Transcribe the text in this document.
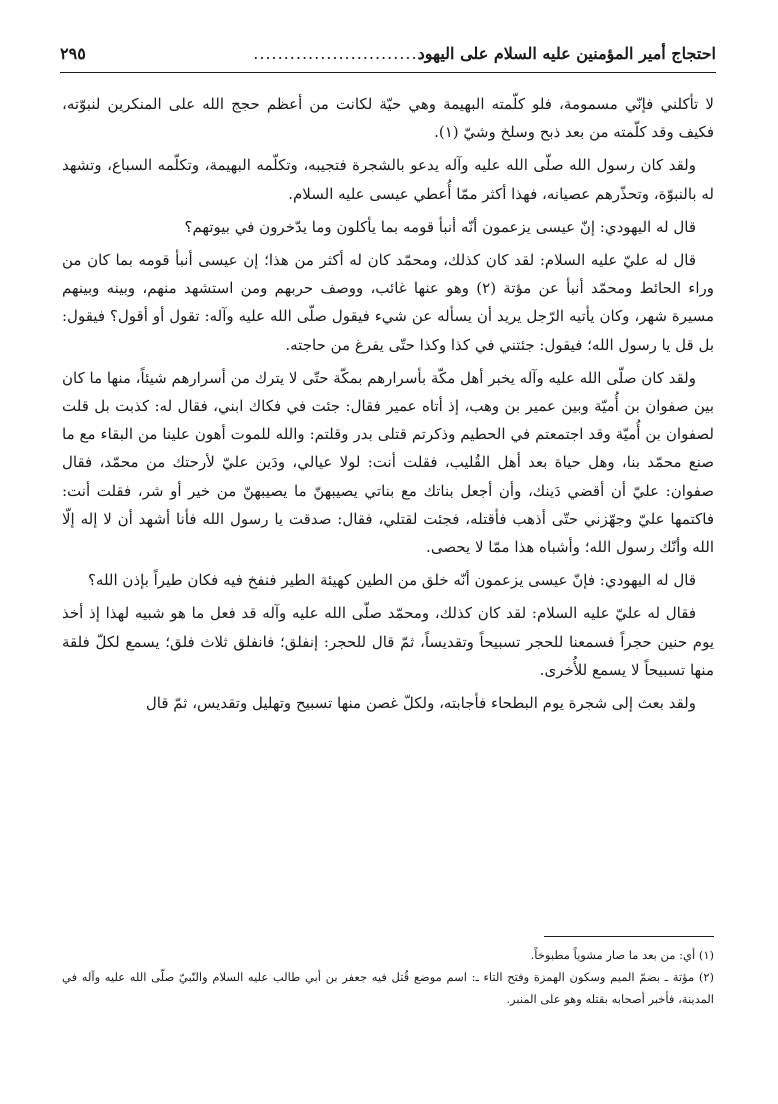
احتجاج أمير المؤمنين عليه السلام على اليهود
...........................
٢٩٥

لا تأكلني فإنّي مسمومة، فلو كلّمته البهيمة وهي حيّة لكانت من أعظم حجج الله على المنكرين لنبوّته، فكيف وقد كلّمته من بعد ذبح وسلخ وشيّ (١).

ولقد كان رسول الله صلّى الله عليه وآله يدعو بالشجرة فتجيبه، وتكلّمه البهيمة، وتكلّمه السباع، وتشهد له بالنبوّة، وتحذّرهم عصيانه، فهذا أكثر ممّا أُعطي عيسى عليه السلام.

قال له اليهودي: إنّ عيسى يزعمون أنّه أنبأ قومه بما يأكلون وما يدّخرون في بيوتهم؟

قال له عليّ عليه السلام: لقد كان كذلك، ومحمّد كان له أكثر من هذا؛ إن عيسى أنبأ قومه بما كان من وراء الحائط ومحمّد أنبأ عن مؤتة (٢) وهو عنها غائب، ووصف حربهم ومن استشهد منهم، وبينه وبينهم مسيرة شهر، وكان يأتيه الرّجل يريد أن يسأله عن شيء فيقول صلّى الله عليه وآله: تقول أو أقول؟ فيقول: بل قل يا رسول الله؛ فيقول: جئتني في كذا وكذا حتّى يفرغ من حاجته.

ولقد كان صلّى الله عليه وآله يخبر أهل مكّة بأسرارهم بمكّة حتّى لا يترك من أسرارهم شيئاً، منها ما كان بين صفوان بن أُميّة وبين عمير بن وهب، إذ أتاه عمير فقال: جئت في فكاك ابني، فقال له: كذبت بل قلت لصفوان بن أُميّة وقد اجتمعتم في الحطيم وذكرتم قتلى بدر وقلتم: والله للموت أهون علينا من البقاء مع ما صنع محمّد بنا، وهل حياة بعد أهل القُليب، فقلت أنت: لولا عيالي، ودَين عليّ لأرحتك من محمّد، فقال صفوان: عليّ أن أقضي دَينك، وأن أجعل بناتك مع بناتي يصيبهنّ ما يصيبهنّ من خير أو شر، فقلت أنت: فاكتمها عليّ وجهّزني حتّى أذهب فأقتله، فجئت لقتلي، فقال: صدقت يا رسول الله فأنا أشهد أن لا إله إلّا الله وأنّك رسول الله؛ وأشباه هذا ممّا لا يحصى.

قال له اليهودي: فإنّ عيسى يزعمون أنّه خلق من الطين كهيئة الطير فنفخ فيه فكان طيراً بإذن الله؟

فقال له عليّ عليه السلام: لقد كان كذلك، ومحمّد صلّى الله عليه وآله قد فعل ما هو شبيه لهذا إذ أخذ يوم حنين حجراً فسمعنا للحجر تسبيحاً وتقديساً، ثمّ قال للحجر: إنفلق؛ فانفلق ثلاث فلق؛ يسمع لكلّ فلقة منها تسبيحاً لا يسمع للأُخرى.

ولقد بعث إلى شجرة يوم البطحاء فأجابته، ولكلّ غصن منها تسبيح وتهليل وتقديس، ثمّ قال

(١) أي: من بعد ما صار مشوياً مطبوخاً.

(٢) مؤتة ـ بضمّ الميم وسكون الهمزة وفتح التاء ـ: اسم موضع قُتل فيه جعفر بن أبي طالب عليه السلام والنّبيّ صلّى الله عليه وآله في المدينة، فأخبر أصحابه بقتله وهو على المنبر.
